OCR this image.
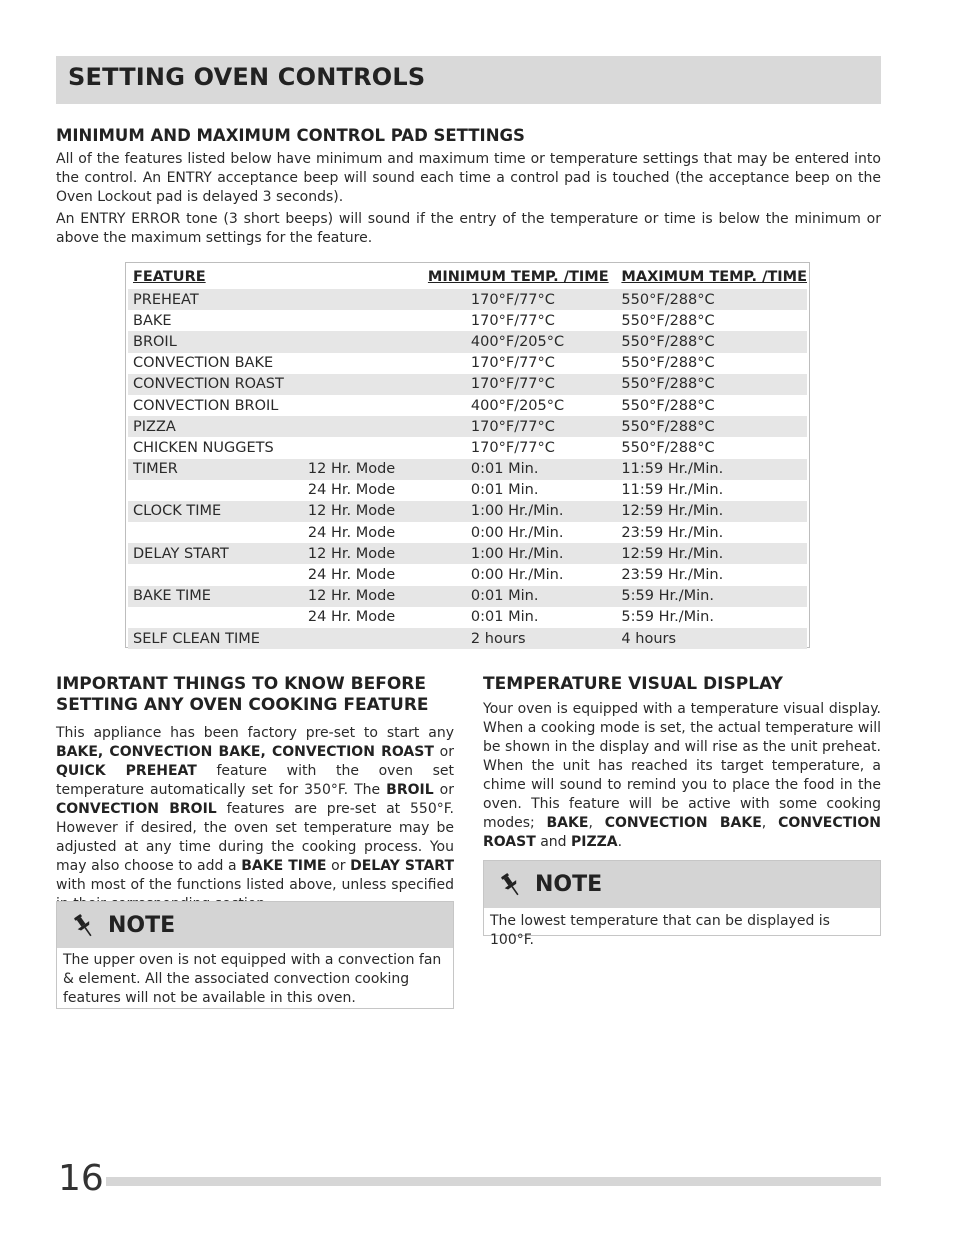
SETTING OVEN CONTROLS
MINIMUM AND MAXIMUM CONTROL PAD SETTINGS

All of the features listed below have minimum and maximum time or temperature settings that may be entered into the control. An ENTRY acceptance beep will sound each time a control pad is touched (the acceptance beep on the Oven Lockout pad is delayed 3 seconds).

An ENTRY ERROR tone (3 short beeps) will sound if the entry of the temperature or time is below the minimum or above the maximum settings for the feature.

FEATURE		MINIMUM TEMP. /TIME	MAXIMUM TEMP. /TIME
PREHEAT		170°F/77°C	550°F/288°C
BAKE		170°F/77°C	550°F/288°C
BROIL		400°F/205°C	550°F/288°C
CONVECTION BAKE		170°F/77°C	550°F/288°C
CONVECTION ROAST		170°F/77°C	550°F/288°C
CONVECTION BROIL		400°F/205°C	550°F/288°C
PIZZA		170°F/77°C	550°F/288°C
CHICKEN NUGGETS		170°F/77°C	550°F/288°C
TIMER	12 Hr. Mode	0:01 Min.	11:59 Hr./Min.
	24 Hr. Mode	0:01 Min.	11:59 Hr./Min.
CLOCK TIME	12 Hr. Mode	1:00 Hr./Min.	12:59 Hr./Min.
	24 Hr. Mode	0:00 Hr./Min.	23:59 Hr./Min.
DELAY START	12 Hr. Mode	1:00 Hr./Min.	12:59 Hr./Min.
	24 Hr. Mode	0:00 Hr./Min.	23:59 Hr./Min.
BAKE TIME	12 Hr. Mode	0:01 Min.	5:59 Hr./Min.
	24 Hr. Mode	0:01 Min.	5:59 Hr./Min.
SELF CLEAN TIME		2 hours	4 hours
IMPORTANT THINGS TO KNOW BEFORE
SETTING ANY OVEN COOKING FEATURE

This appliance has been factory pre-set to start any BAKE, CONVECTION BAKE, CONVECTION ROAST or QUICK PREHEAT feature with the oven set temperature automatically set for 350°F. The BROIL or CONVECTION BROIL features are pre-set at 550°F. However if desired, the oven set temperature may be adjusted at any time during the cooking process. You may also choose to add a BAKE TIME or DELAY START with most of the functions listed above, unless specified

NOTE

The upper oven is not equipped with a convection fan & element. All the associated convection cooking features will not be available in this oven.

TEMPERATURE VISUAL DISPLAY

Your oven is equipped with a temperature visual display. When a cooking mode is set, the actual temperature will be shown in the display and will rise as the unit preheat. When the unit has reached its target temperature, a chime will sound to remind you to place the food in the oven. This feature will be active with some cooking modes; BAKE, CONVECTION BAKE, CONVECTION ROAST and PIZZA.

NOTE

The lowest temperature that can be displayed is 100°F.

16
